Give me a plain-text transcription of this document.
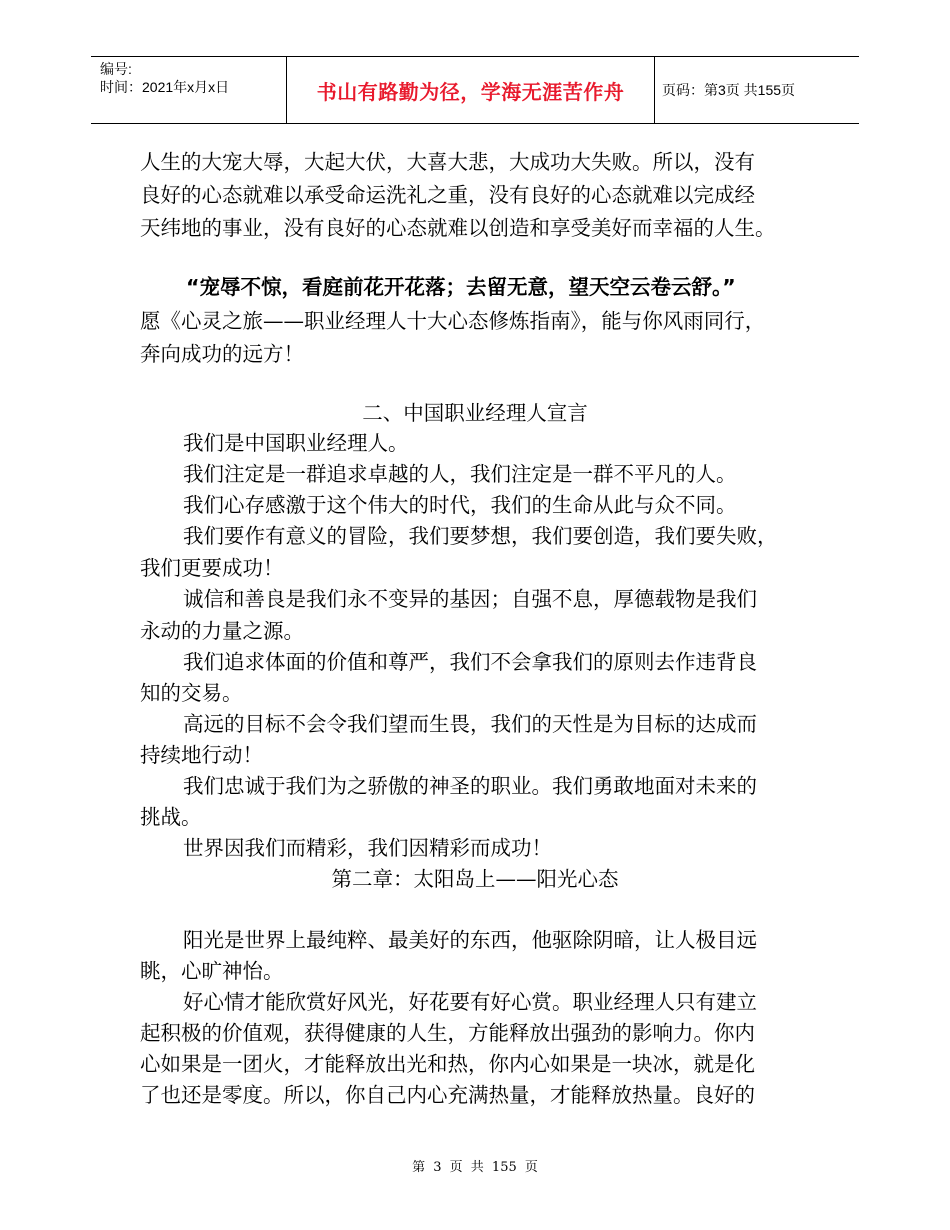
编号:
时间：2021年x月x日	书山有路勤为径，学海无涯苦作舟	页码：第3页 共155页
人生的大宠大辱，大起大伏，大喜大悲，大成功大失败。所以，没有
良好的心态就难以承受命运洗礼之重，没有良好的心态就难以完成经
天纬地的事业，没有良好的心态就难以创造和享受美好而幸福的人生。
“宠辱不惊，看庭前花开花落；去留无意，望天空云卷云舒。”
愿《心灵之旅——职业经理人十大心态修炼指南》，能与你风雨同行，
奔向成功的远方！
二、中国职业经理人宣言
我们是中国职业经理人。
我们注定是一群追求卓越的人，我们注定是一群不平凡的人。
我们心存感激于这个伟大的时代，我们的生命从此与众不同。
我们要作有意义的冒险，我们要梦想，我们要创造，我们要失败，
我们更要成功！
诚信和善良是我们永不变异的基因；自强不息，厚德载物是我们
永动的力量之源。
我们追求体面的价值和尊严，我们不会拿我们的原则去作违背良
知的交易。
高远的目标不会令我们望而生畏，我们的天性是为目标的达成而
持续地行动！
我们忠诚于我们为之骄傲的神圣的职业。我们勇敢地面对未来的
挑战。
世界因我们而精彩，我们因精彩而成功！
第二章：太阳岛上——阳光心态
阳光是世界上最纯粹、最美好的东西，他驱除阴暗，让人极目远
眺，心旷神怡。
好心情才能欣赏好风光，好花要有好心赏。职业经理人只有建立
起积极的价值观，获得健康的人生，方能释放出强劲的影响力。你内
心如果是一团火，才能释放出光和热，你内心如果是一块冰，就是化
了也还是零度。所以，你自己内心充满热量，才能释放热量。良好的
第 3 页 共 155 页
